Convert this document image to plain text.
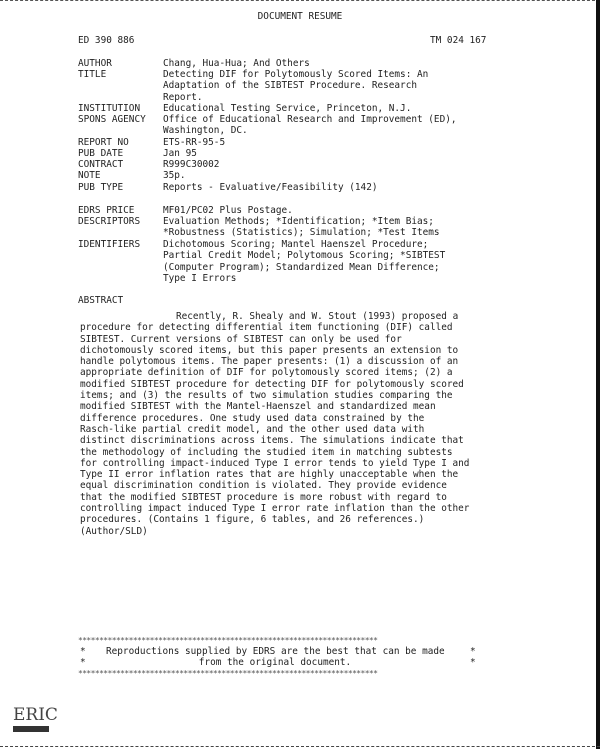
DOCUMENT RESUME
ED 390 886	TM 024 167
AUTHOR	Chang, Hua-Hua; And Others
TITLE	Detecting DIF for Polytomously Scored Items: An
Adaptation of the SIBTEST Procedure. Research
Report.
INSTITUTION	Educational Testing Service, Princeton, N.J.
SPONS AGENCY	Office of Educational Research and Improvement (ED),
Washington, DC.
REPORT NO	ETS-RR-95-5
PUB DATE	Jan 95
CONTRACT	R999C30002
NOTE	35p.
PUB TYPE	Reports - Evaluative/Feasibility (142)
EDRS PRICE	MF01/PC02 Plus Postage.
DESCRIPTORS	Evaluation Methods; *Identification; *Item Bias;
*Robustness (Statistics); Simulation; *Test Items
IDENTIFIERS	Dichotomous Scoring; Mantel Haenszel Procedure;
Partial Credit Model; Polytomous Scoring; *SIBTEST
(Computer Program); Standardized Mean Difference;
Type I Errors
ABSTRACT
Recently, R. Shealy and W. Stout (1993) proposed a
procedure for detecting differential item functioning (DIF) called
SIBTEST. Current versions of SIBTEST can only be used for
dichotomously scored items, but this paper presents an extension to
handle polytomous items. The paper presents: (1) a discussion of an
appropriate definition of DIF for polytomously scored items; (2) a
modified SIBTEST procedure for detecting DIF for polytomously scored
items; and (3) the results of two simulation studies comparing the
modified SIBTEST with the Mantel-Haenszel and standardized mean
difference procedures. One study used data constrained by the
Rasch-like partial credit model, and the other used data with
distinct discriminations across items. The simulations indicate that
the methodology of including the studied item in matching subtests
for controlling impact-induced Type I error tends to yield Type I and
Type II error inflation rates that are highly unacceptable when the
equal discrimination condition is violated. They provide evidence
that the modified SIBTEST procedure is more robust with regard to
controlling impact induced Type I error rate inflation than the other
procedures. (Contains 1 figure, 6 tables, and 26 references.)
(Author/SLD)
***********************************************************************
*
*
*
*
Reproductions supplied by EDRS are the best that can be made
from the original document.
***********************************************************************
ERIC
